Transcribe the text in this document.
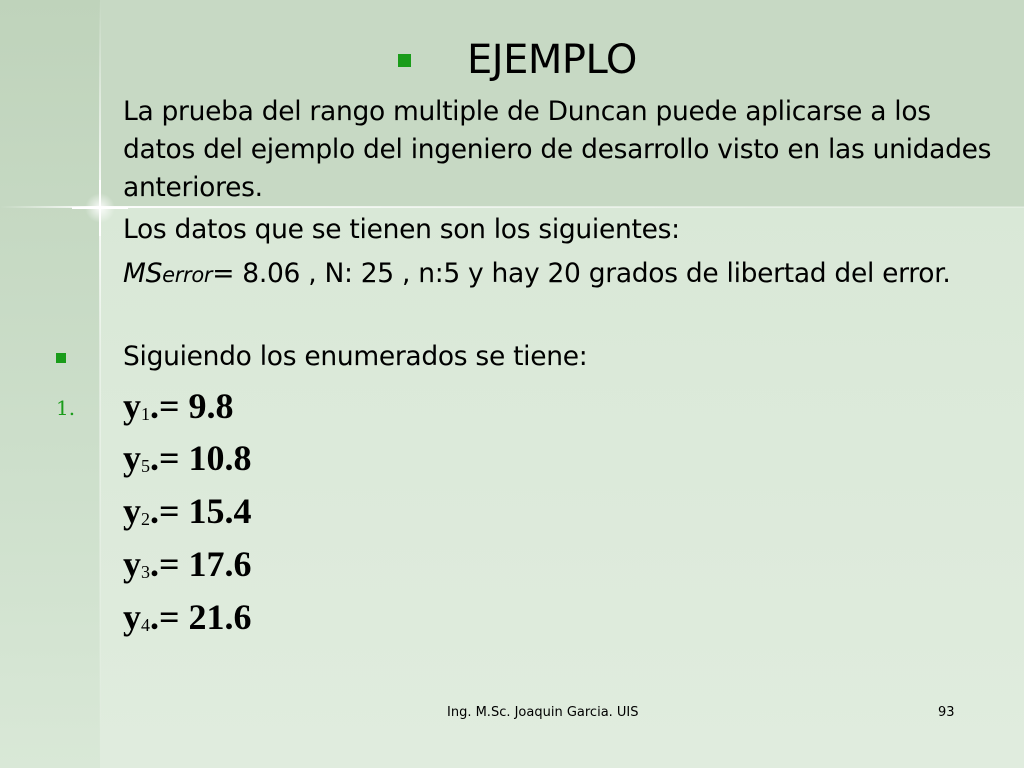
EJEMPLO
La prueba del rango multiple de Duncan puede aplicarse a los datos del ejemplo del ingeniero de desarrollo visto en las unidades anteriores.
Los datos que se tienen son los siguientes:
MSerror= 8.06 , N: 25 , n:5 y hay 20 grados de libertad del error.
Siguiendo los enumerados se tiene:
1. $y_1.= 9.8$
$y_5.= 10.8$
$y_2.= 15.4$
$y_3.= 17.6$
$y_4.= 21.6$
Ing. M.Sc. Joaquin Garcia. UIS	93
